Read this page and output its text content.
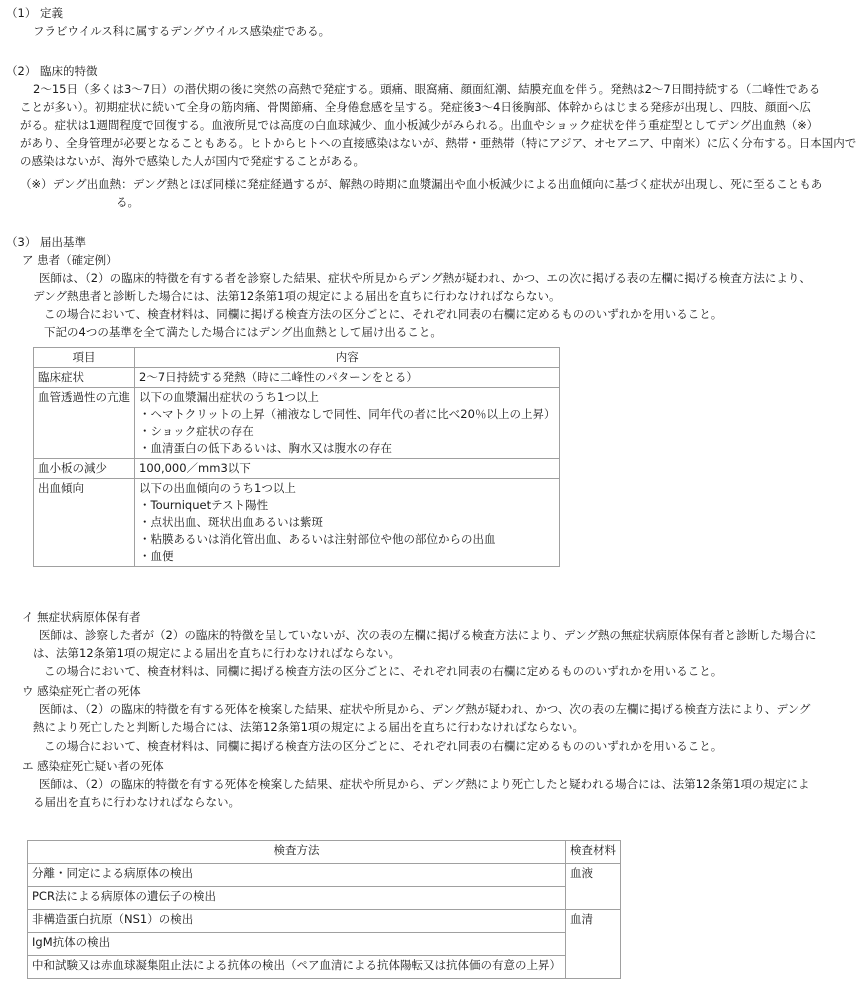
（1） 定義
フラビウイルス科に属するデングウイルス感染症である。
（2） 臨床的特徴
2～15日（多くは3～7日）の潜伏期の後に突然の高熱で発症する。頭痛、眼窩痛、顔面紅潮、結膜充血を伴う。発熱は2～7日間持続する（二峰性である
ことが多い）。初期症状に続いて全身の筋肉痛、骨関節痛、全身倦怠感を呈する。発症後3～4日後胸部、体幹からはじまる発疹が出現し、四肢、顔面へ広
がる。症状は1週間程度で回復する。血液所見では高度の白血球減少、血小板減少がみられる。出血やショック症状を伴う重症型としてデング出血熱（※）
があり、全身管理が必要となることもある。ヒトからヒトへの直接感染はないが、熱帯・亜熱帯（特にアジア、オセアニア、中南米）に広く分布する。日本国内で
の感染はないが、海外で感染した人が国内で発症することがある。
（※）デング出血熱：デング熱とほぼ同様に発症経過するが、解熱の時期に血漿漏出や血小板減少による出血傾向に基づく症状が出現し、死に至ることもあ
る。
（3） 届出基準
ア 患者（確定例）
医師は、（2）の臨床的特徴を有する者を診察した結果、症状や所見からデング熱が疑われ、かつ、エの次に掲げる表の左欄に掲げる検査方法により、
デング熱患者と診断した場合には、法第12条第1項の規定による届出を直ちに行わなければならない。
この場合において、検査材料は、同欄に掲げる検査方法の区分ごとに、それぞれ同表の右欄に定めるもののいずれかを用いること。
下記の4つの基準を全て満たした場合にはデング出血熱として届け出ること。
項目	内容
臨床症状	2～7日持続する発熱（時に二峰性のパターンをとる）

血管透過性の亢進	以下の血漿漏出症状のうち1つ以上
・ヘマトクリットの上昇（補液なしで同性、同年代の者に比べ20％以上の上昇）
・ショック症状の存在
・血清蛋白の低下あるいは、胸水又は腹水の存在

血小板の減少	100,000／mm3以下

出血傾向	以下の出血傾向のうち1つ以上
・Tourniquetテスト陽性
・点状出血、斑状出血あるいは紫斑
・粘膜あるいは消化管出血、あるいは注射部位や他の部位からの出血
・血便
イ 無症状病原体保有者
医師は、診察した者が（2）の臨床的特徴を呈していないが、次の表の左欄に掲げる検査方法により、デング熱の無症状病原体保有者と診断した場合に
は、法第12条第1項の規定による届出を直ちに行わなければならない。
この場合において、検査材料は、同欄に掲げる検査方法の区分ごとに、それぞれ同表の右欄に定めるもののいずれかを用いること。
ウ 感染症死亡者の死体
医師は、（2）の臨床的特徴を有する死体を検案した結果、症状や所見から、デング熱が疑われ、かつ、次の表の左欄に掲げる検査方法により、デング
熱により死亡したと判断した場合には、法第12条第1項の規定による届出を直ちに行わなければならない。
この場合において、検査材料は、同欄に掲げる検査方法の区分ごとに、それぞれ同表の右欄に定めるもののいずれかを用いること。
エ 感染症死亡疑い者の死体
医師は、（2）の臨床的特徴を有する死体を検案した結果、症状や所見から、デング熱により死亡したと疑われる場合には、法第12条第1項の規定によ
る届出を直ちに行わなければならない。
検査方法	検査材料
分離・同定による病原体の検出	血液
PCR法による病原体の遺伝子の検出	
非構造蛋白抗原（NS1）の検出	血清
IgM抗体の検出	
中和試験又は赤血球凝集阻止法による抗体の検出（ペア血清による抗体陽転又は抗体価の有意の上昇）	
